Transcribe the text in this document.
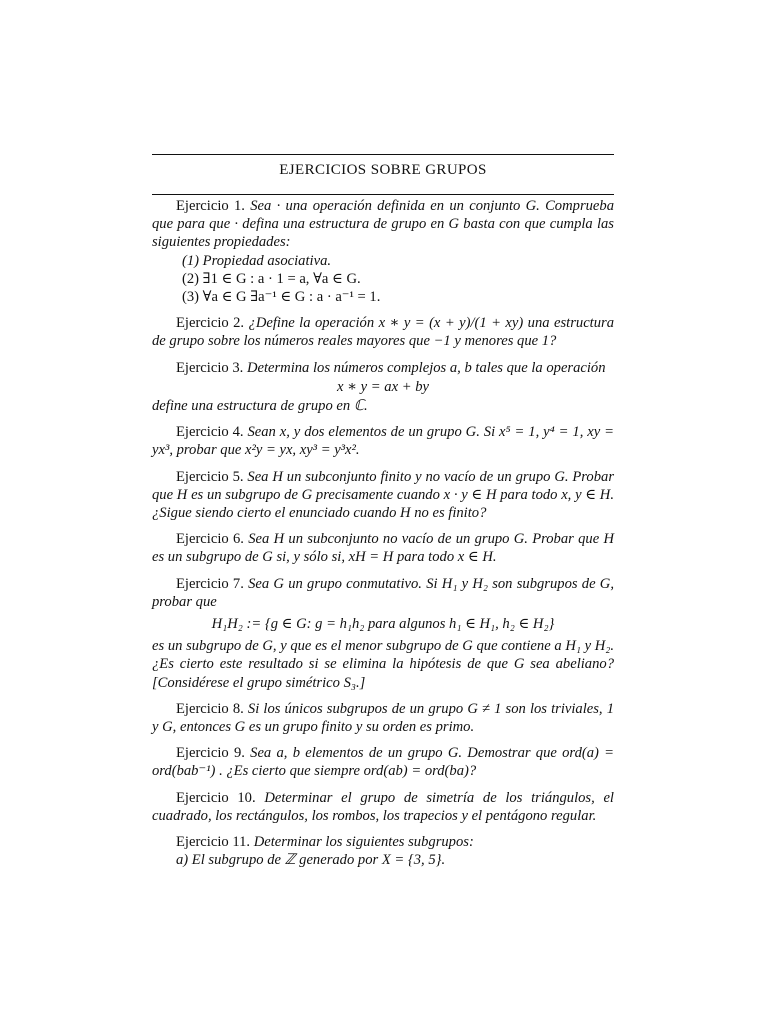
EJERCICIOS SOBRE GRUPOS

Ejercicio 1. Sea · una operación definida en un conjunto G. Comprueba que para que · defina una estructura de grupo en G basta con que cumpla las siguientes propiedades:

(1) Propiedad asociativa.

(2) ∃1 ∈ G : a · 1 = a, ∀a ∈ G.

(3) ∀a ∈ G ∃a⁻¹ ∈ G : a · a⁻¹ = 1.

Ejercicio 2. ¿Define la operación x ∗ y = (x + y)/(1 + xy) una estructura de grupo sobre los números reales mayores que −1 y menores que 1?

Ejercicio 3. Determina los números complejos a, b tales que la operación

x ∗ y = ax + by

define una estructura de grupo en ℂ.

Ejercicio 4. Sean x, y dos elementos de un grupo G. Si x⁵ = 1, y⁴ = 1, xy = yx³, probar que x²y = yx, xy³ = y³x².

Ejercicio 5. Sea H un subconjunto finito y no vacío de un grupo G. Probar que H es un subgrupo de G precisamente cuando x · y ∈ H para todo x, y ∈ H. ¿Sigue siendo cierto el enunciado cuando H no es finito?

Ejercicio 6. Sea H un subconjunto no vacío de un grupo G. Probar que H es un subgrupo de G si, y sólo si, xH = H para todo x ∈ H.

Ejercicio 7. Sea G un grupo conmutativo. Si H₁ y H₂ son subgrupos de G, probar que

H₁H₂ := {g ∈ G: g = h₁h₂ para algunos h₁ ∈ H₁, h₂ ∈ H₂}

es un subgrupo de G, y que es el menor subgrupo de G que contiene a H₁ y H₂. ¿Es cierto este resultado si se elimina la hipótesis de que G sea abeliano? [Considérese el grupo simétrico S₃.]

Ejercicio 8. Si los únicos subgrupos de un grupo G ≠ 1 son los triviales, 1 y G, entonces G es un grupo finito y su orden es primo.

Ejercicio 9. Sea a, b elementos de un grupo G. Demostrar que ord(a) = ord(bab⁻¹) . ¿Es cierto que siempre ord(ab) = ord(ba)?

Ejercicio 10. Determinar el grupo de simetría de los triángulos, el cuadrado, los rectángulos, los rombos, los trapecios y el pentágono regular.

Ejercicio 11. Determinar los siguientes subgrupos:

a) El subgrupo de ℤ generado por X = {3, 5}.
